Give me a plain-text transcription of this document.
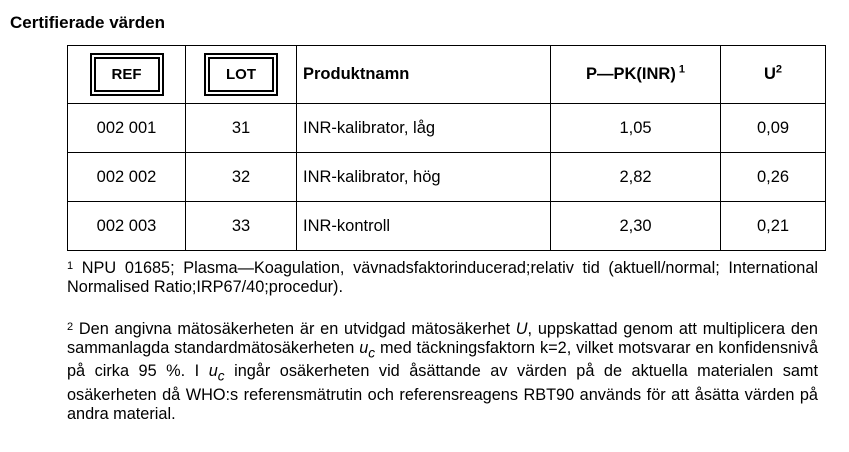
Certifierade värden
REF	LOT	Produktnamn	P—PK(INR) $^1$	$U^2$
002 001	31	INR-kalibrator, låg	1,05	0,09
002 002	32	INR-kalibrator, hög	2,82	0,26
002 003	33	INR-kontroll	2,30	0,21
$^1$ NPU 01685; Plasma—Koagulation, vävnadsfaktorinducerad;relativ tid (aktuell/normal; International Normalised Ratio;IRP67/40;procedur).
$^2$ Den angivna mätosäkerheten är en utvidgad mätosäkerhet U, uppskattad genom att multiplicera den sammanlagda standardmätosäkerheten $u_c$ med täckningsfaktorn k=2, vilket motsvarar en konfidensnivå på cirka 95 %. I $u_c$ ingår osäkerheten vid åsättande av värden på de aktuella materialen samt osäkerheten då WHO:s referensmätrutin och referensreagens RBT90 används för att åsätta värden på andra material.
